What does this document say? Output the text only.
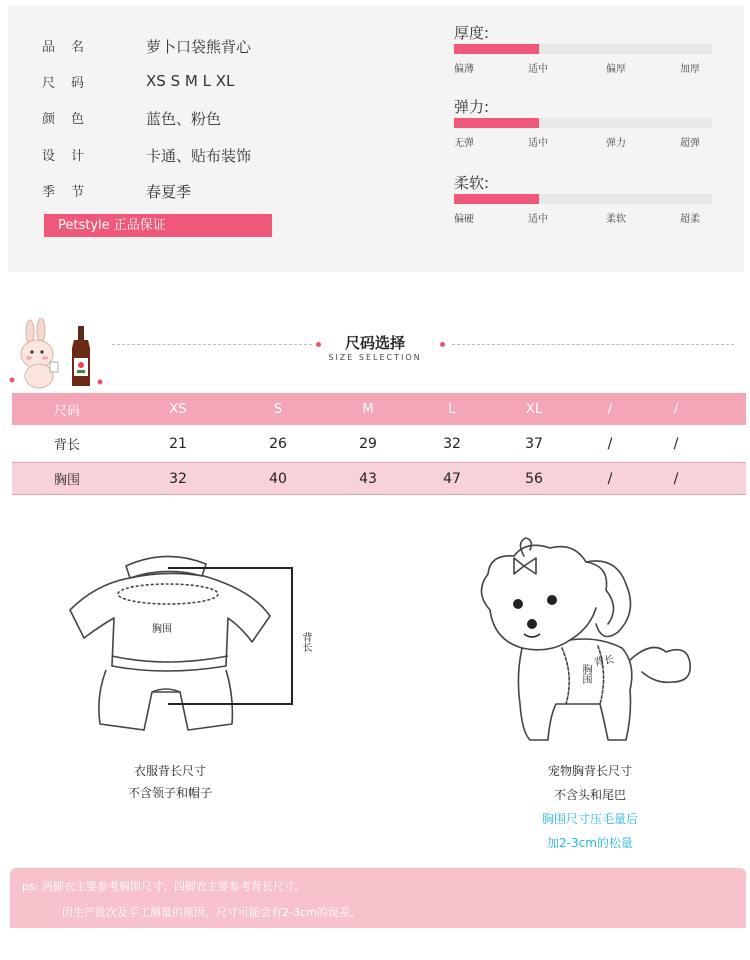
品名	萝卜口袋熊背心
尺码	XS S M L XL
颜色	蓝色、粉色
设计	卡通、贴布装饰
季节	春夏季
Petstyle 正品保证
厚度:
偏薄	适中	偏厚	加厚
弹力:
无弹	适中	弹力	超弹
柔软:
偏硬	适中	柔软	超柔
尺码选择
SIZE SELECTION
尺码	XS	S	M	L	XL	/	/
背长	21	26	29	32	37	/	/
胸围	32	40	43	47	56	/	/
胸围
背长
衣服背长尺寸
不含领子和帽子
背长
胸围
宠物胸背长尺寸
不含头和尾巴
胸围尺寸压毛量后
加2-3cm的松量
ps: 两脚衣主要参考胸围尺寸；四脚衣主要参考背长尺寸。
因生产批次及手工测量的原因，尺寸可能会有2-3cm的误差。
